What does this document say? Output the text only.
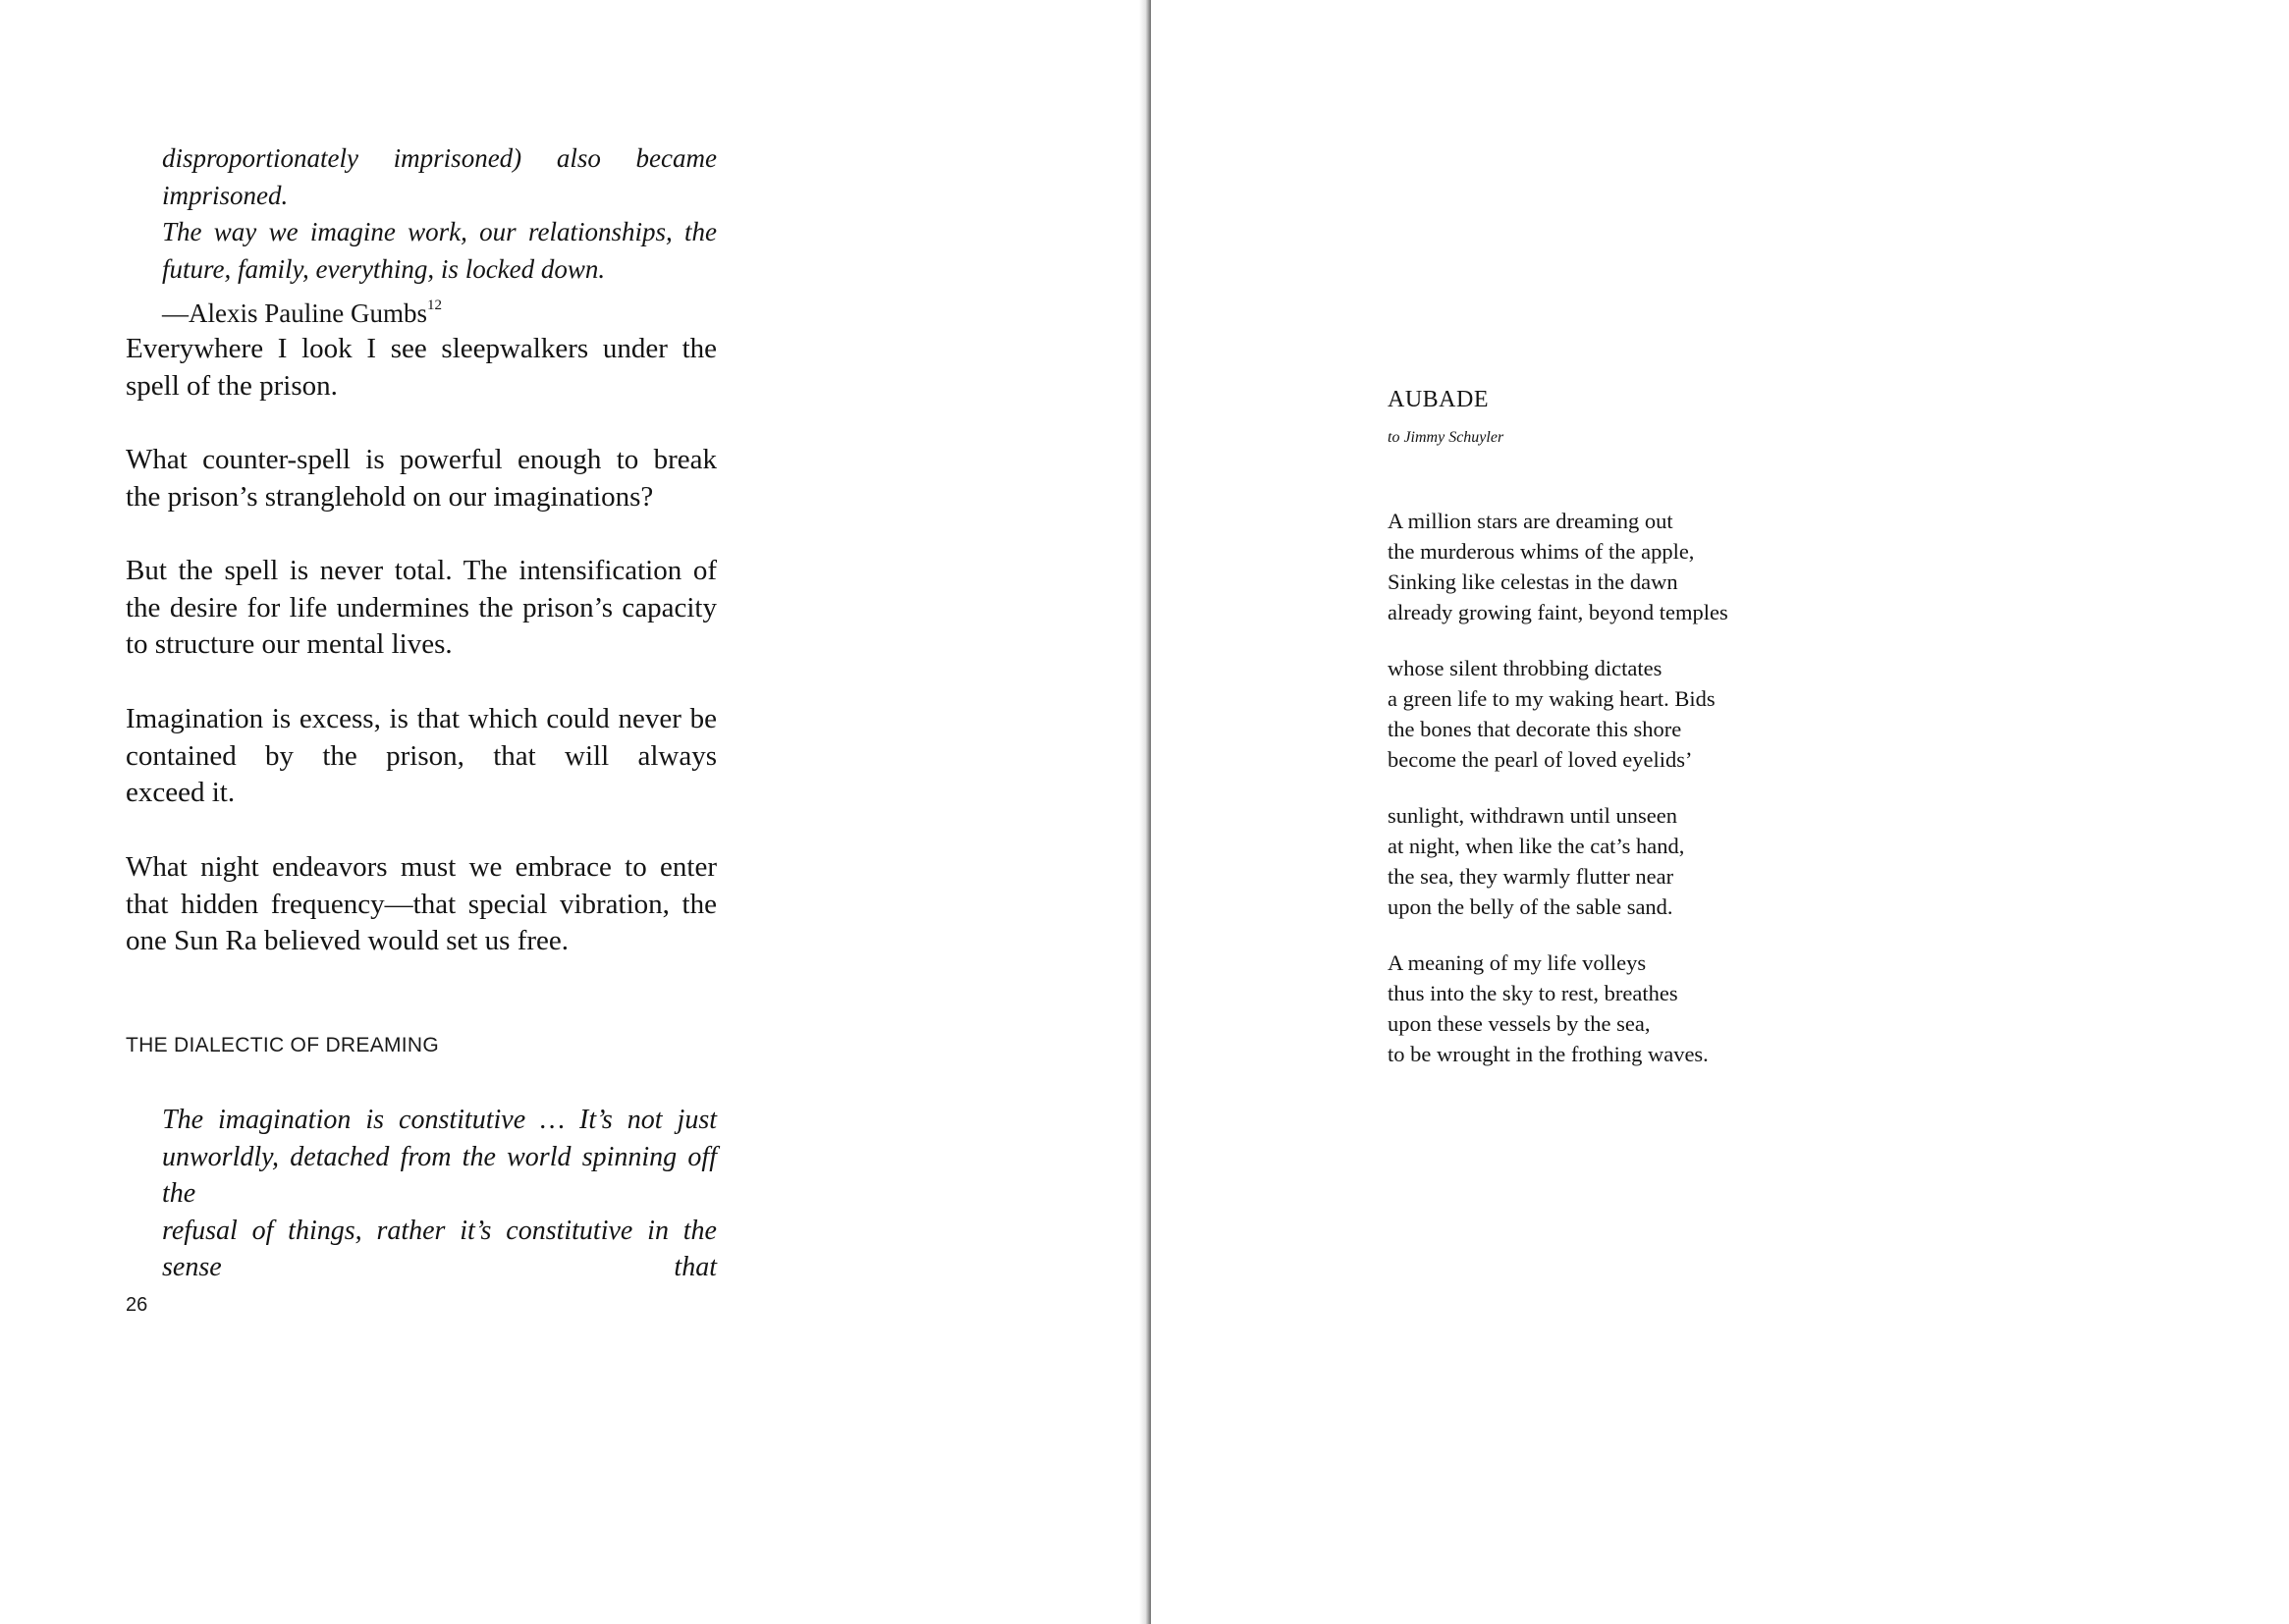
disproportionately imprisoned) also became imprisoned.

The way we imagine work, our relationships, the

future, family, everything, is locked down.

—Alexis Pauline Gumbs$^{12}$

Everywhere I look I see sleepwalkers under the

spell of the prison.

What counter-spell is powerful enough to break

the prison’s stranglehold on our imaginations?

But the spell is never total. The intensification of

the desire for life undermines the prison’s capacity

to structure our mental lives.

Imagination is excess, is that which could never be

contained by the prison, that will always

exceed it.

What night endeavors must we embrace to enter

that hidden frequency—that special vibration, the

one Sun Ra believed would set us free.

THE DIALECTIC OF DREAMING

The imagination is constitutive … It’s not just

unworldly, detached from the world spinning off the

refusal of things, rather it’s constitutive in the sense that

26
AUBADE
to Jimmy Schuyler

A million stars are dreaming out

the murderous whims of the apple,

Sinking like celestas in the dawn

already growing faint, beyond temples

whose silent throbbing dictates

a green life to my waking heart. Bids

the bones that decorate this shore

become the pearl of loved eyelids’

sunlight, withdrawn until unseen

at night, when like the cat’s hand,

the sea, they warmly flutter near

upon the belly of the sable sand.

A meaning of my life volleys

thus into the sky to rest, breathes

upon these vessels by the sea,

to be wrought in the frothing waves.
